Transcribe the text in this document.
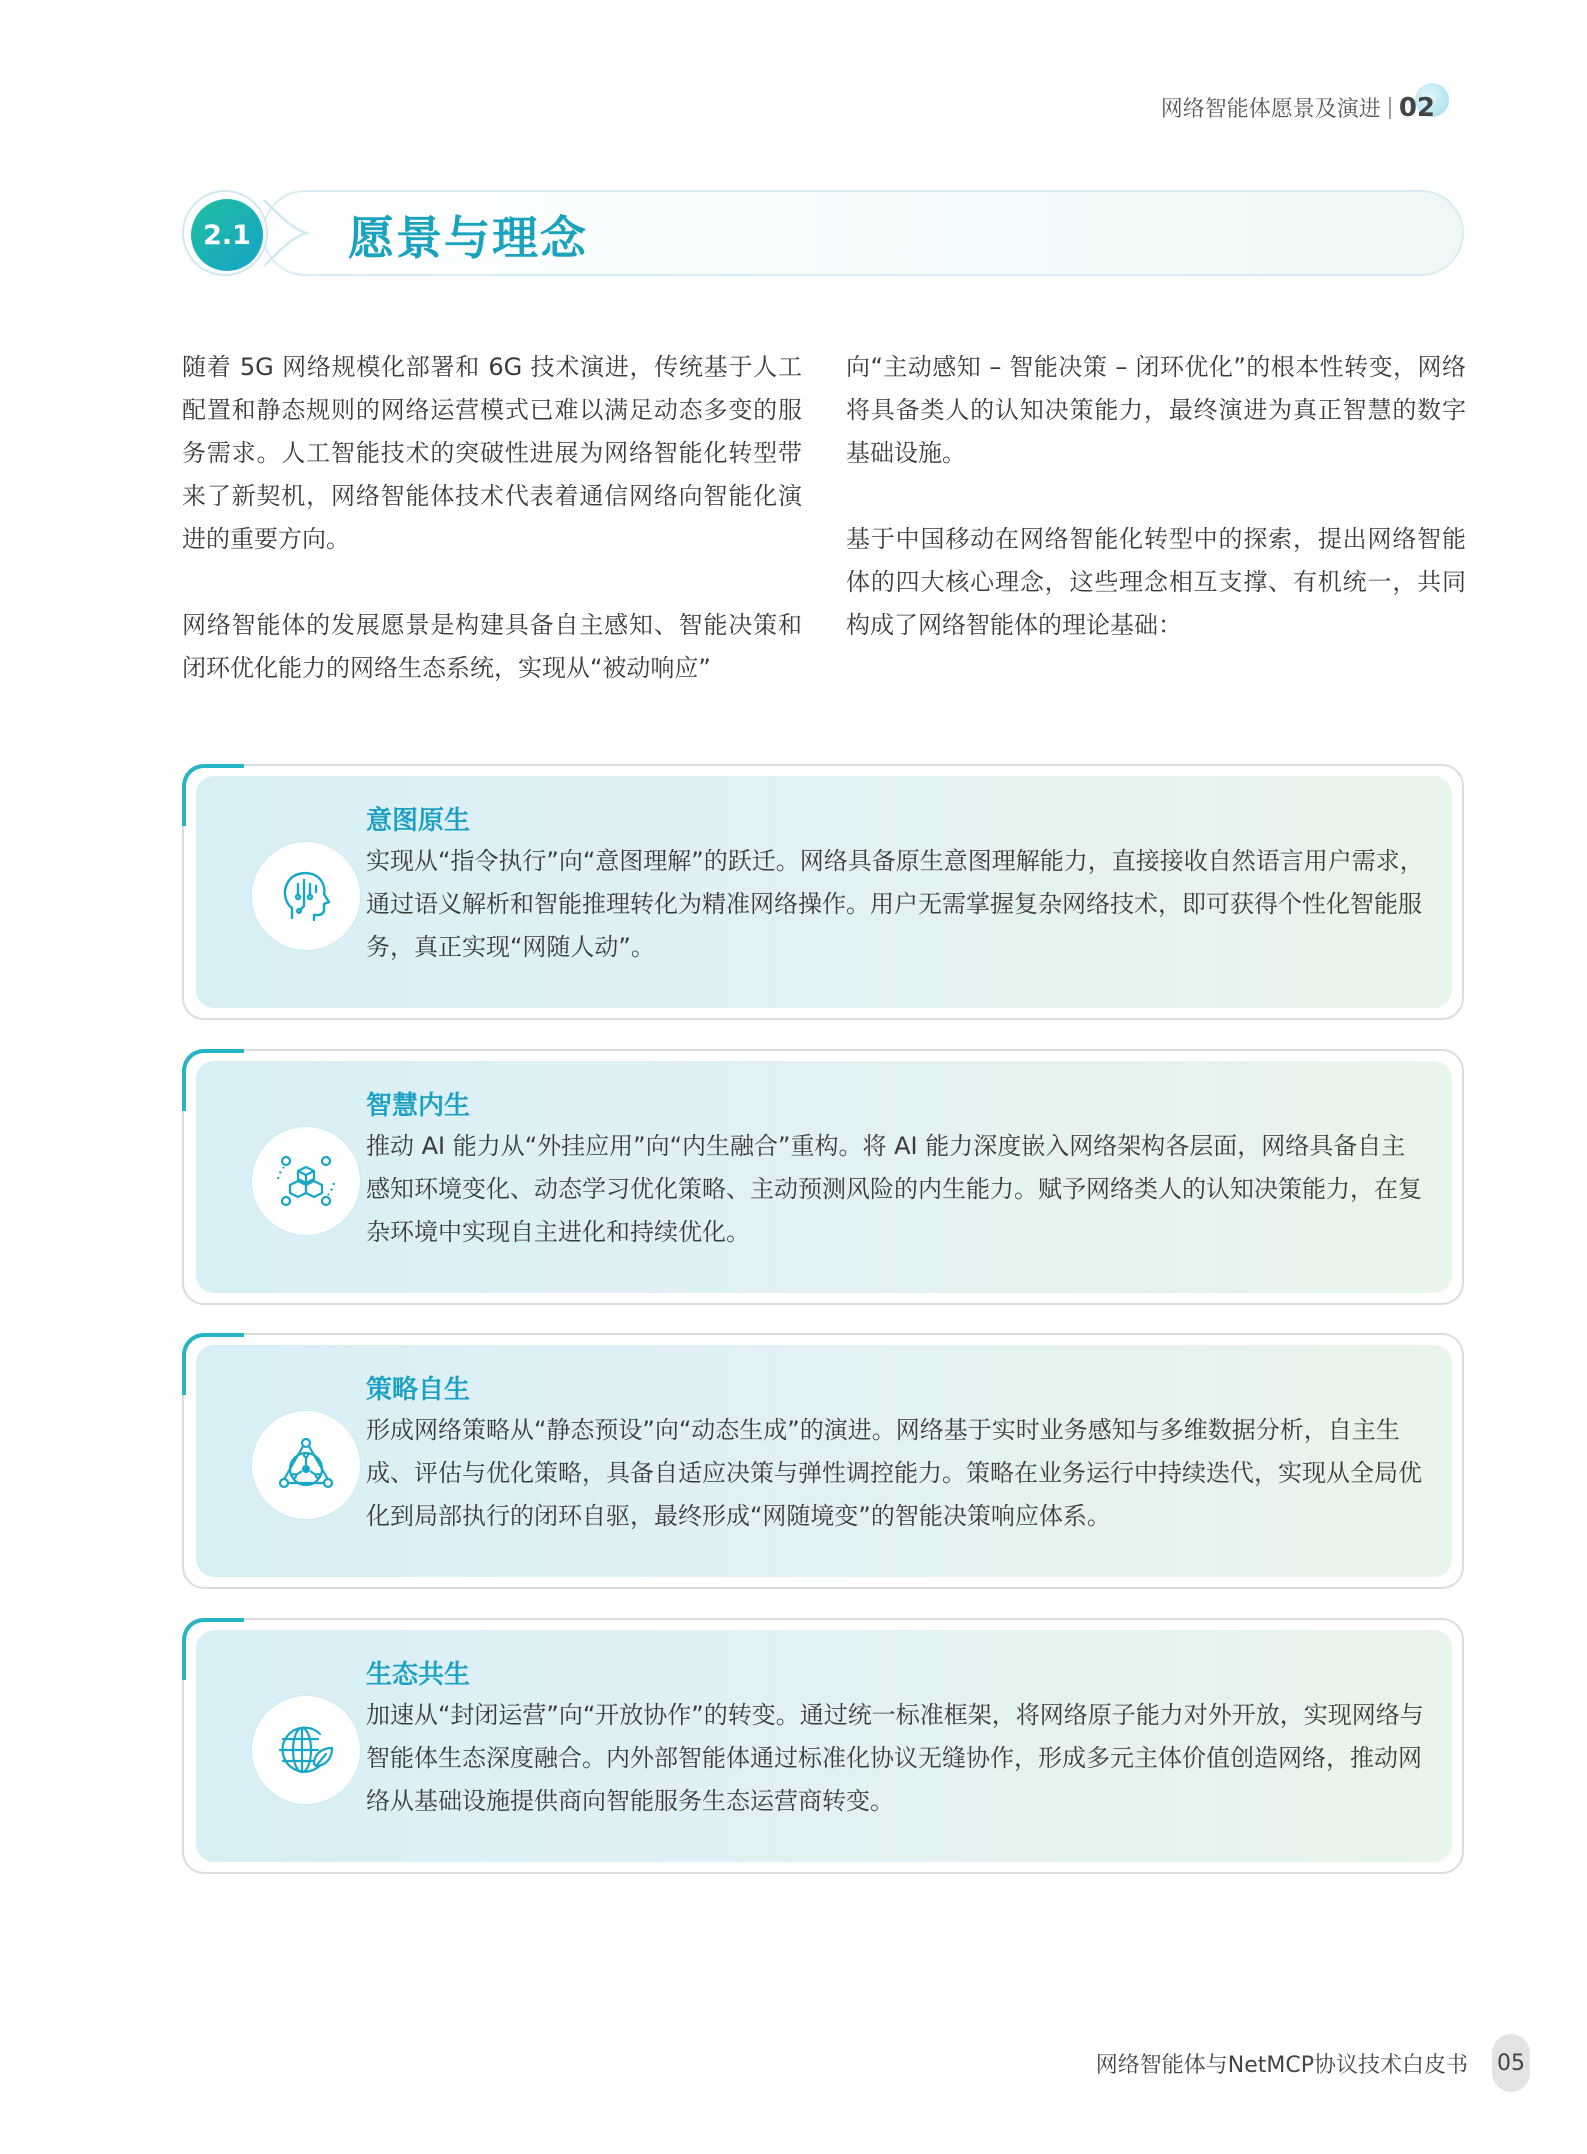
网络智能体愿景及演进 02
2.1 愿景与理念

随着 5G 网络规模化部署和 6G 技术演进，传统基于人工配置和静态规则的网络运营模式已难以满足动态多变的服务需求。人工智能技术的突破性进展为网络智能化转型带来了新契机，网络智能体技术代表着通信网络向智能化演进的重要方向。

网络智能体的发展愿景是构建具备自主感知、智能决策和闭环优化能力的网络生态系统，实现从“被动响应”

向“主动感知 – 智能决策 – 闭环优化”的根本性转变，网络将具备类人的认知决策能力，最终演进为真正智慧的数字基础设施。

基于中国移动在网络智能化转型中的探索，提出网络智能体的四大核心理念，这些理念相互支撑、有机统一，共同构成了网络智能体的理论基础：

意图原生
实现从“指令执行”向“意图理解”的跃迁。网络具备原生意图理解能力，直接接收自然语言用户需求，通过语义解析和智能推理转化为精准网络操作。用户无需掌握复杂网络技术，即可获得个性化智能服务，真正实现“网随人动”。
智慧内生
推动 AI 能力从“外挂应用”向“内生融合”重构。将 AI 能力深度嵌入网络架构各层面，网络具备自主感知环境变化、动态学习优化策略、主动预测风险的内生能力。赋予网络类人的认知决策能力，在复杂环境中实现自主进化和持续优化。
策略自生
形成网络策略从“静态预设”向“动态生成”的演进。网络基于实时业务感知与多维数据分析，自主生成、评估与优化策略，具备自适应决策与弹性调控能力。策略在业务运行中持续迭代，实现从全局优化到局部执行的闭环自驱，最终形成“网随境变”的智能决策响应体系。
生态共生
加速从“封闭运营”向“开放协作”的转变。通过统一标准框架，将网络原子能力对外开放，实现网络与智能体生态深度融合。内外部智能体通过标准化协议无缝协作，形成多元主体价值创造网络，推动网络从基础设施提供商向智能服务生态运营商转变。
网络智能体与NetMCP协议技术白皮书 05
